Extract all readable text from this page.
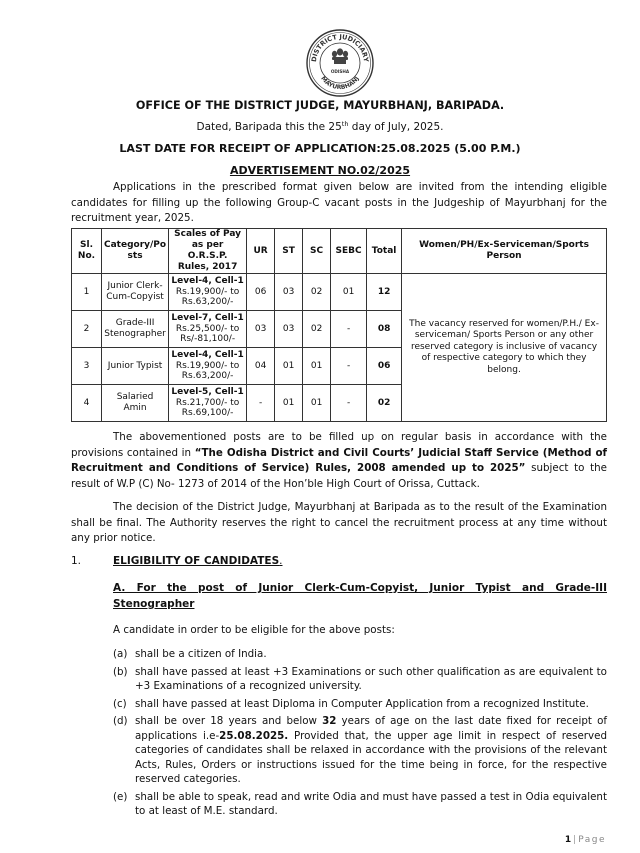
DISTRICT JUDICIARY
MAYURBHANJ
ODISHA
OFFICE OF THE DISTRICT JUDGE, MAYURBHANJ, BARIPADA.
Dated, Baripada this the 25th day of July, 2025.
LAST DATE FOR RECEIPT OF APPLICATION:25.08.2025 (5.00 P.M.)
ADVERTISEMENT NO.02/2025
Applications in the prescribed format given below are invited from the intending eligible candidates for filling up the following Group-C vacant posts in the Judgeship of Mayurbhanj for the recruitment year, 2025.
Sl. No.	Category/Po sts	Scales of Pay as per O.R.S.P. Rules, 2017	UR	ST	SC	SEBC	Total	Women/PH/Ex-Serviceman/Sports Person
1	Junior Clerk-Cum-Copyist	Level-4, Cell-1
Rs.19,900/- to Rs.63,200/-	06	03	02	01	12	The vacancy reserved for women/P.H./ Ex-serviceman/ Sports Person or any other reserved category is inclusive of vacancy of respective category to which they belong.
2	Grade-III Stenographer	Level-7, Cell-1
Rs.25,500/- to Rs/-81,100/-	03	03	02	-	08	
3	Junior Typist	Level-4, Cell-1
Rs.19,900/- to Rs.63,200/-	04	01	01	-	06	
4	Salaried Amin	Level-5, Cell-1
Rs.21,700/- to Rs.69,100/-	-	01	01	-	02	
The abovementioned posts are to be filled up on regular basis in accordance with the provisions contained in “The Odisha District and Civil Courts’ Judicial Staff Service (Method of Recruitment and Conditions of Service) Rules, 2008 amended up to 2025” subject to the result of W.P (C) No- 1273 of 2014 of the Hon’ble High Court of Orissa, Cuttack.
The decision of the District Judge, Mayurbhanj at Baripada as to the result of the Examination shall be final. The Authority reserves the right to cancel the recruitment process at any time without any prior notice.
1.	ELIGIBILITY OF CANDIDATES.
A. For the post of Junior Clerk-Cum-Copyist, Junior Typist and Grade-III Stenographer
A candidate in order to be eligible for the above posts:
(a) shall be a citizen of India.
(b) shall have passed at least +3 Examinations or such other qualification as are equivalent to +3 Examinations of a recognized university.
(c) shall have passed at least Diploma in Computer Application from a recognized Institute.
(d) shall be over 18 years and below 32 years of age on the last date fixed for receipt of applications i.e-25.08.2025. Provided that, the upper age limit in respect of reserved categories of candidates shall be relaxed in accordance with the provisions of the relevant Acts, Rules, Orders or instructions issued for the time being in force, for the respective reserved categories.
(e) shall be able to speak, read and write Odia and must have passed a test in Odia equivalent to at least of M.E. standard.
1 | Page
